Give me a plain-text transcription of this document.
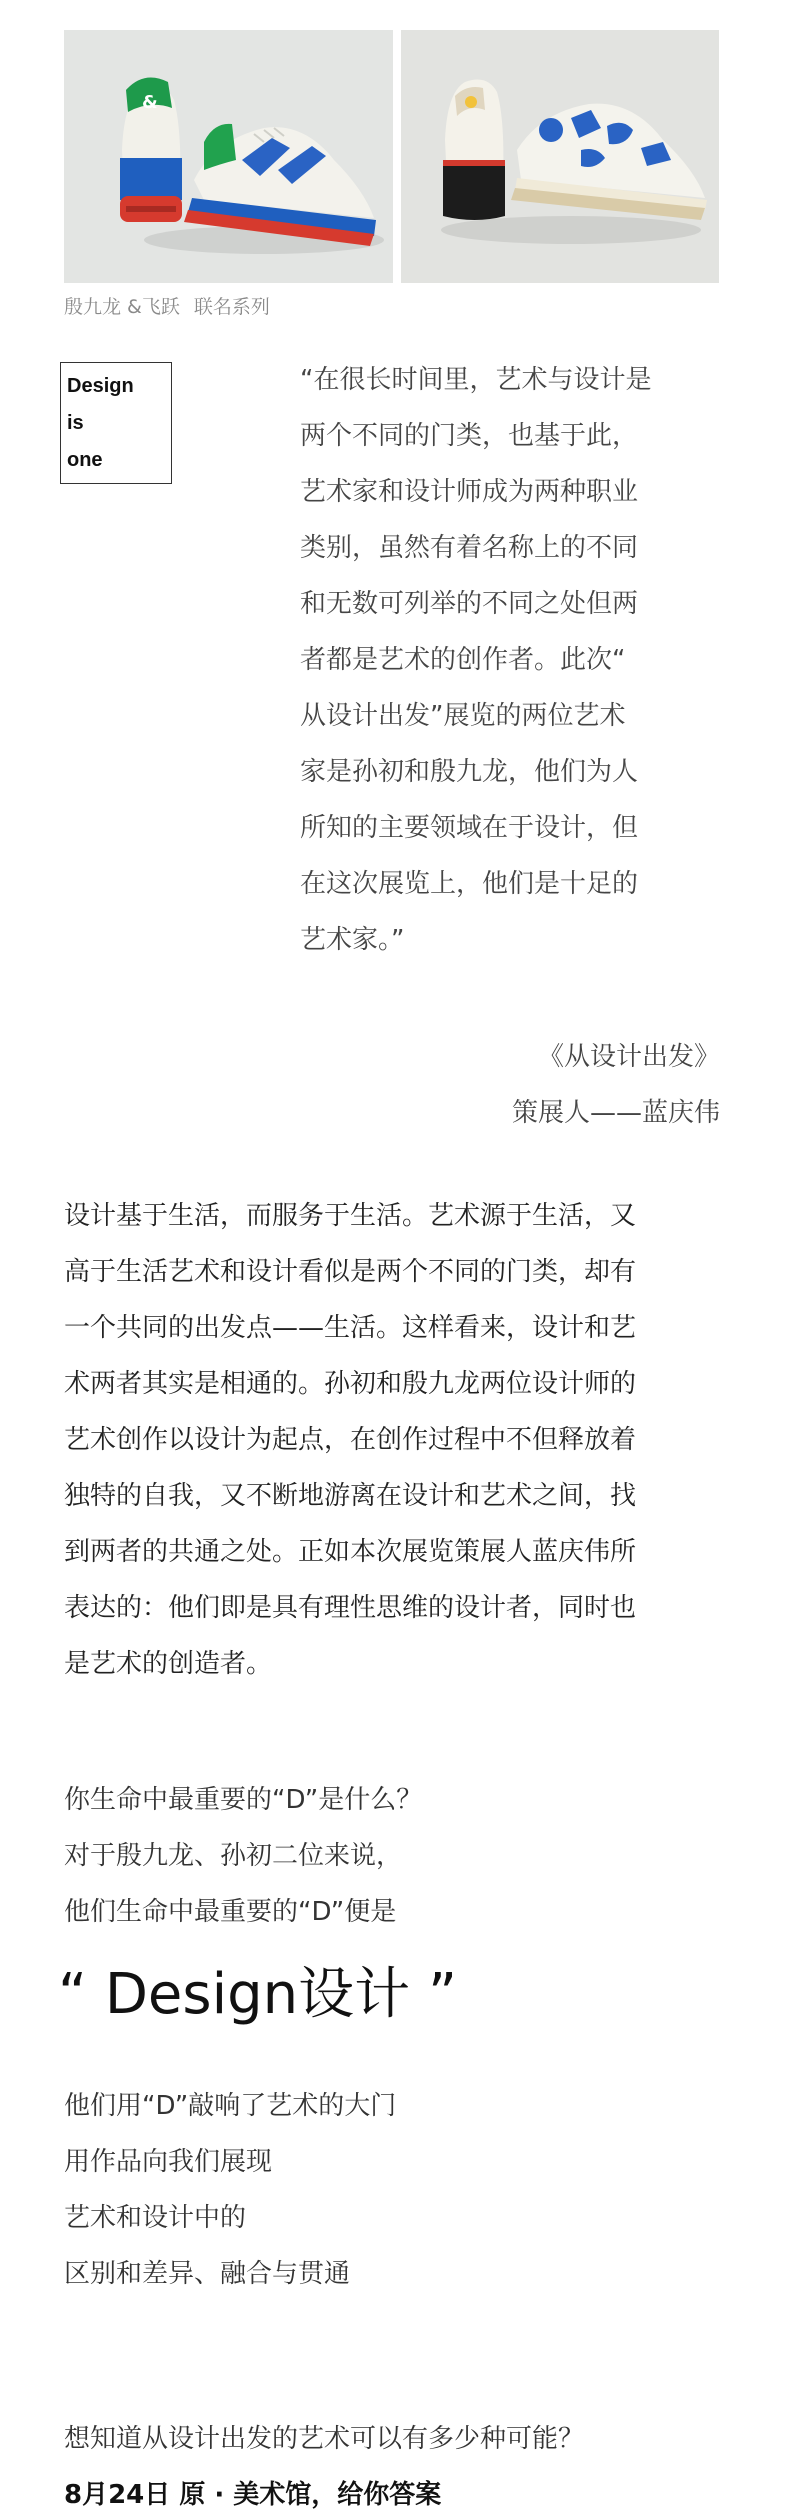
&
殷九龙 &飞跃 联名系列
Design
is
one
“在很长时间里，艺术与设计是
两个不同的门类，也基于此，
艺术家和设计师成为两种职业
类别，虽然有着名称上的不同
和无数可列举的不同之处但两
者都是艺术的创作者。此次“
从设计出发”展览的两位艺术
家是孙初和殷九龙，他们为人
所知的主要领域在于设计，但
在这次展览上，他们是十足的
艺术家。”
《从设计出发》
策展人——蓝庆伟
设计基于生活，而服务于生活。艺术源于生活，又
高于生活艺术和设计看似是两个不同的门类，却有
一个共同的出发点——生活。这样看来，设计和艺
术两者其实是相通的。孙初和殷九龙两位设计师的
艺术创作以设计为起点，在创作过程中不但释放着
独特的自我，又不断地游离在设计和艺术之间，找
到两者的共通之处。正如本次展览策展人蓝庆伟所
表达的：他们即是具有理性思维的设计者，同时也
是艺术的创造者。
你生命中最重要的“D”是什么？
对于殷九龙、孙初二位来说，
他们生命中最重要的“D”便是
“ Design设计 ”
他们用“D”敲响了艺术的大门
用作品向我们展现
艺术和设计中的
区别和差异、融合与贯通
想知道从设计出发的艺术可以有多少种可能？
8月24日 原 · 美术馆，给你答案
